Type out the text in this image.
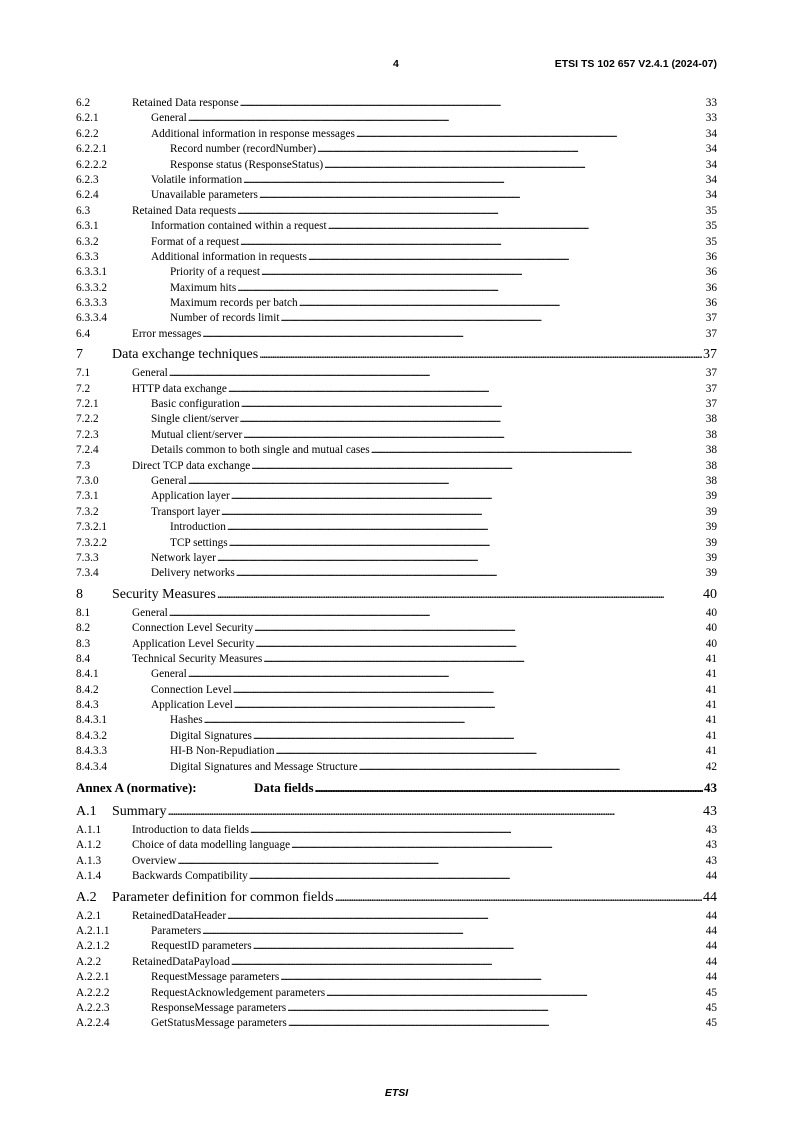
4	ETSI TS 102 657 V2.4.1 (2024-07)
6.2	Retained Data response . . .	33
6.2.1	General . . .	33
6.2.2	Additional information in response messages . . .	34
6.2.2.1	Record number (recordNumber) . . .	34
6.2.2.2	Response status (ResponseStatus) . . .	34
6.2.3	Volatile information . . .	34
6.2.4	Unavailable parameters . . .	34
6.3	Retained Data requests . . .	35
6.3.1	Information contained within a request . . .	35
6.3.2	Format of a request . . .	35
6.3.3	Additional information in requests . . .	36
6.3.3.1	Priority of a request . . .	36
6.3.3.2	Maximum hits . . .	36
6.3.3.3	Maximum records per batch . . .	36
6.3.3.4	Number of records limit . . .	37
6.4	Error messages . . .	37
7 Data exchange techniques . . .	37
7.1	General . . .	37
7.2	HTTP data exchange . . .	37
7.2.1	Basic configuration . . .	37
7.2.2	Single client/server . . .	38
7.2.3	Mutual client/server . . .	38
7.2.4	Details common to both single and mutual cases . . .	38
7.3	Direct TCP data exchange . . .	38
7.3.0	General . . .	38
7.3.1	Application layer . . .	39
7.3.2	Transport layer . . .	39
7.3.2.1	Introduction . . .	39
7.3.2.2	TCP settings . . .	39
7.3.3	Network layer . . .	39
7.3.4	Delivery networks . . .	39
8 Security Measures . . .	40
8.1	General . . .	40
8.2	Connection Level Security . . .	40
8.3	Application Level Security . . .	40
8.4	Technical Security Measures . . .	41
8.4.1	General . . .	41
8.4.2	Connection Level . . .	41
8.4.3	Application Level . . .	41
8.4.3.1	Hashes . . .	41
8.4.3.2	Digital Signatures . . .	41
8.4.3.3	HI-B Non-Repudiation . . .	41
8.4.3.4	Digital Signatures and Message Structure . . .	42
Annex A (normative):	Data fields . . .	43
A.1 Summary . . .	43
A.1.1	Introduction to data fields . . .	43
A.1.2	Choice of data modelling language . . .	43
A.1.3	Overview . . .	43
A.1.4	Backwards Compatibility . . .	44
A.2 Parameter definition for common fields . . .	44
A.2.1	RetainedDataHeader . . .	44
A.2.1.1	Parameters . . .	44
A.2.1.2	RequestID parameters . . .	44
A.2.2	RetainedDataPayload . . .	44
A.2.2.1	RequestMessage parameters . . .	44
A.2.2.2	RequestAcknowledgement parameters . . .	45
A.2.2.3	ResponseMessage parameters . . .	45
A.2.2.4	GetStatusMessage parameters . . .	45
ETSI
